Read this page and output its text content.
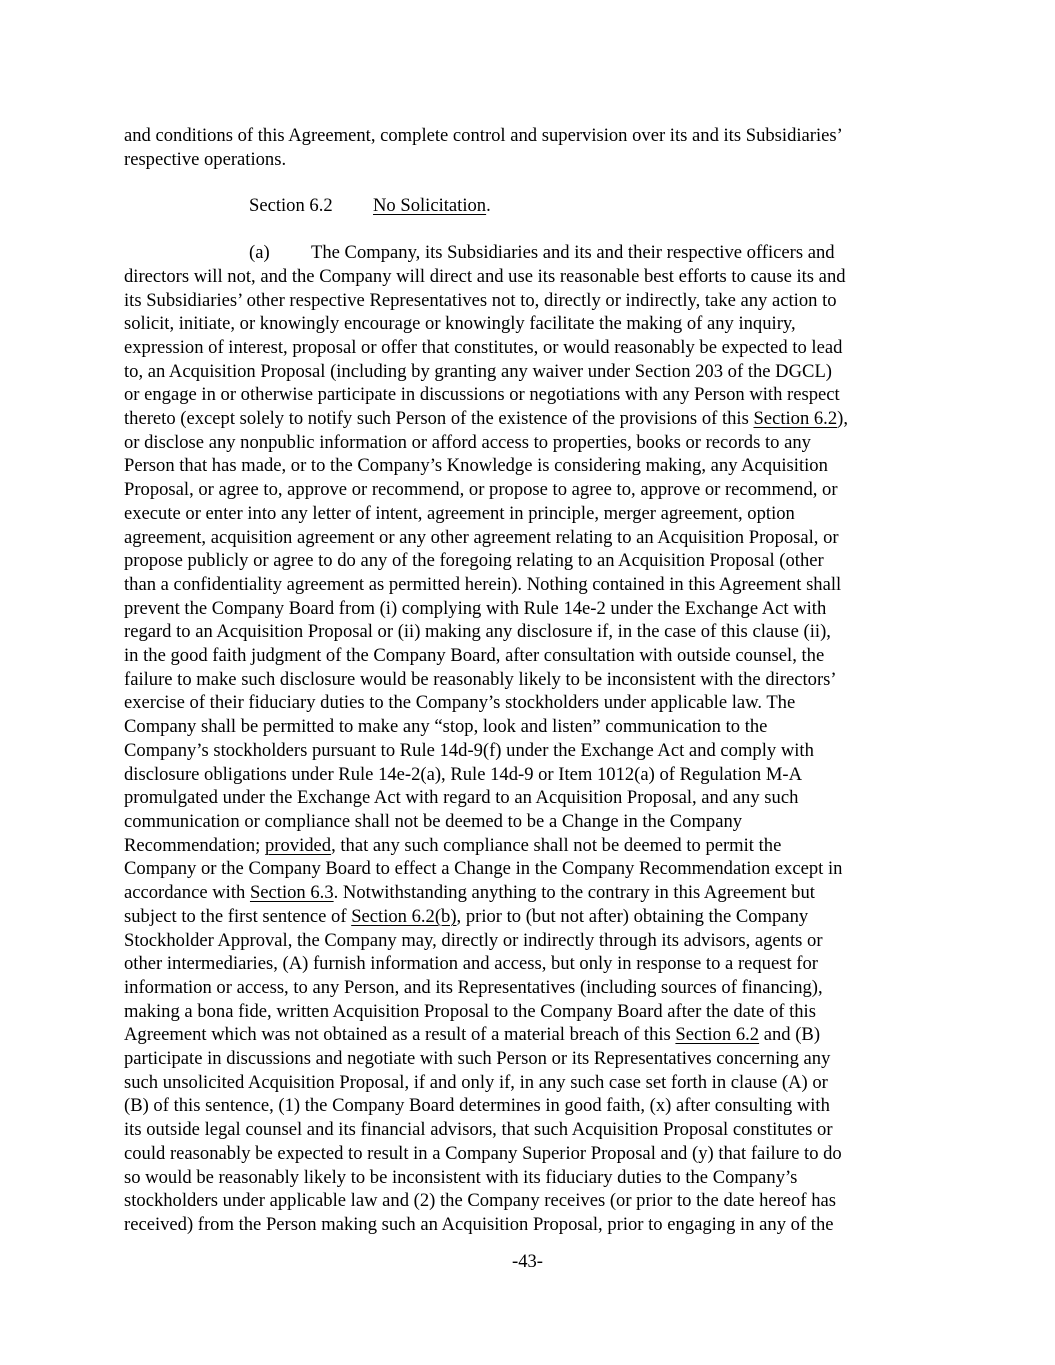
and conditions of this Agreement, complete control and supervision over its and its Subsidiaries’
respective operations.
Section 6.2 No Solicitation.
(a) The Company, its Subsidiaries and its and their respective officers and
directors will not, and the Company will direct and use its reasonable best efforts to cause its and
its Subsidiaries’ other respective Representatives not to, directly or indirectly, take any action to
solicit, initiate, or knowingly encourage or knowingly facilitate the making of any inquiry,
expression of interest, proposal or offer that constitutes, or would reasonably be expected to lead
to, an Acquisition Proposal (including by granting any waiver under Section 203 of the DGCL)
or engage in or otherwise participate in discussions or negotiations with any Person with respect
thereto (except solely to notify such Person of the existence of the provisions of this Section 6.2),
or disclose any nonpublic information or afford access to properties, books or records to any
Person that has made, or to the Company’s Knowledge is considering making, any Acquisition
Proposal, or agree to, approve or recommend, or propose to agree to, approve or recommend, or
execute or enter into any letter of intent, agreement in principle, merger agreement, option
agreement, acquisition agreement or any other agreement relating to an Acquisition Proposal, or
propose publicly or agree to do any of the foregoing relating to an Acquisition Proposal (other
than a confidentiality agreement as permitted herein). Nothing contained in this Agreement shall
prevent the Company Board from (i) complying with Rule 14e-2 under the Exchange Act with
regard to an Acquisition Proposal or (ii) making any disclosure if, in the case of this clause (ii),
in the good faith judgment of the Company Board, after consultation with outside counsel, the
failure to make such disclosure would be reasonably likely to be inconsistent with the directors’
exercise of their fiduciary duties to the Company’s stockholders under applicable law. The
Company shall be permitted to make any “stop, look and listen” communication to the
Company’s stockholders pursuant to Rule 14d-9(f) under the Exchange Act and comply with
disclosure obligations under Rule 14e-2(a), Rule 14d-9 or Item 1012(a) of Regulation M-A
promulgated under the Exchange Act with regard to an Acquisition Proposal, and any such
communication or compliance shall not be deemed to be a Change in the Company
Recommendation; provided, that any such compliance shall not be deemed to permit the
Company or the Company Board to effect a Change in the Company Recommendation except in
accordance with Section 6.3. Notwithstanding anything to the contrary in this Agreement but
subject to the first sentence of Section 6.2(b), prior to (but not after) obtaining the Company
Stockholder Approval, the Company may, directly or indirectly through its advisors, agents or
other intermediaries, (A) furnish information and access, but only in response to a request for
information or access, to any Person, and its Representatives (including sources of financing),
making a bona fide, written Acquisition Proposal to the Company Board after the date of this
Agreement which was not obtained as a result of a material breach of this Section 6.2 and (B)
participate in discussions and negotiate with such Person or its Representatives concerning any
such unsolicited Acquisition Proposal, if and only if, in any such case set forth in clause (A) or
(B) of this sentence, (1) the Company Board determines in good faith, (x) after consulting with
its outside legal counsel and its financial advisors, that such Acquisition Proposal constitutes or
could reasonably be expected to result in a Company Superior Proposal and (y) that failure to do
so would be reasonably likely to be inconsistent with its fiduciary duties to the Company’s
stockholders under applicable law and (2) the Company receives (or prior to the date hereof has
received) from the Person making such an Acquisition Proposal, prior to engaging in any of the
-43-
